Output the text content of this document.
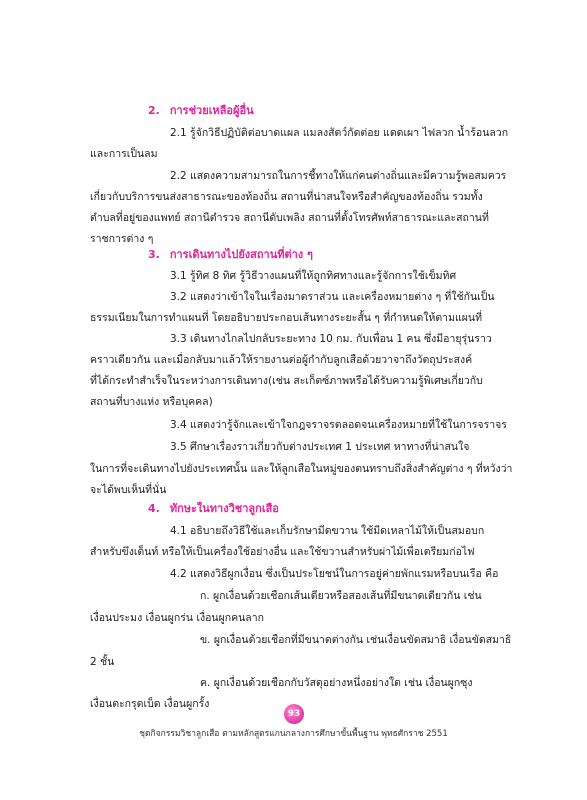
2. การช่วยเหลือผู้อื่น
2.1 รู้จักวิธีปฏิบัติต่อบาดแผล แมลงสัตว์กัดต่อย แดดเผา ไฟลวก น้ำร้อนลวก
และการเป็นลม
2.2 แสดงความสามารถในการชี้ทางให้แก่คนต่างถิ่นและมีความรู้พอสมควร
เกี่ยวกับบริการขนส่งสาธารณะของท้องถิ่น สถานที่น่าสนใจหรือสำคัญของท้องถิ่น รวมทั้ง
ตำบลที่อยู่ของแพทย์ สถานีตำรวจ สถานีดับเพลิง สถานที่ตั้งโทรศัพท์สาธารณะและสถานที่
ราชการต่าง ๆ
3. การเดินทางไปยังสถานที่ต่าง ๆ
3.1 รู้ทิศ 8 ทิศ รู้วิธีวางแผนที่ให้ถูกทิศทางและรู้จักการใช้เข็มทิศ
3.2 แสดงว่าเข้าใจในเรื่องมาตราส่วน และเครื่องหมายต่าง ๆ ที่ใช้กันเป็น
ธรรมเนียมในการทำแผนที่ โดยอธิบายประกอบเส้นทางระยะสั้น ๆ ที่กำหนดให้ตามแผนที่
3.3 เดินทางไกลไปกลับระยะทาง 10 กม. กับเพื่อน 1 คน ซึ่งมีอายุรุ่นราว
คราวเดียวกัน และเมื่อกลับมาแล้วให้รายงานต่อผู้กำกับลูกเสือด้วยวาจาถึงวัตถุประสงค์
ที่ได้กระทำสำเร็จในระหว่างการเดินทาง(เช่น สะเก็ตซ์ภาพหรือได้รับความรู้พิเศษเกี่ยวกับ
สถานที่บางแห่ง หรือบุคคล)
3.4 แสดงว่ารู้จักและเข้าใจกฎจราจรตลอดจนเครื่องหมายที่ใช้ในการจราจร
3.5 ศึกษาเรื่องราวเกี่ยวกับต่างประเทศ 1 ประเทศ หาทางที่น่าสนใจ
ในการที่จะเดินทางไปยังประเทศนั้น และให้ลูกเสือในหมู่ของตนทราบถึงสิ่งสำคัญต่าง ๆ ที่หวังว่า
จะได้พบเห็นที่นั่น
4. ทักษะในทางวิชาลูกเสือ
4.1 อธิบายถึงวิธีใช้และเก็บรักษามีดขวาน ใช้มีดเหลาไม้ให้เป็นสมอบก
สำหรับขึงเต็นท์ หรือให้เป็นเครื่องใช้อย่างอื่น และใช้ขวานสำหรับผ่าไม้เพื่อเตรียมก่อไฟ
4.2 แสดงวิธีผูกเงื่อน ซึ่งเป็นประโยชน์ในการอยู่ค่ายพักแรมหรือบนเรือ คือ
ก. ผูกเงื่อนด้วยเชือกเส้นเดียวหรือสองเส้นที่มีขนาดเดียวกัน เช่น
เงื่อนประมง เงื่อนผูกร่น เงื่อนผูกคนลาก
ข. ผูกเงื่อนด้วยเชือกที่มีขนาดต่างกัน เช่นเงื่อนขัดสมาธิ เงื่อนขัดสมาธิ
2 ชั้น
ค. ผูกเงื่อนด้วยเชือกกับวัสดุอย่างหนึ่งอย่างใด เช่น เงื่อนผูกซุง
เงื่อนตะกรุดเบ็ด เงื่อนผูกรั้ง
93
ชุดกิจกรรมวิชาลูกเสือ ตามหลักสูตรแกนกลางการศึกษาขั้นพื้นฐาน พุทธศักราช 2551
